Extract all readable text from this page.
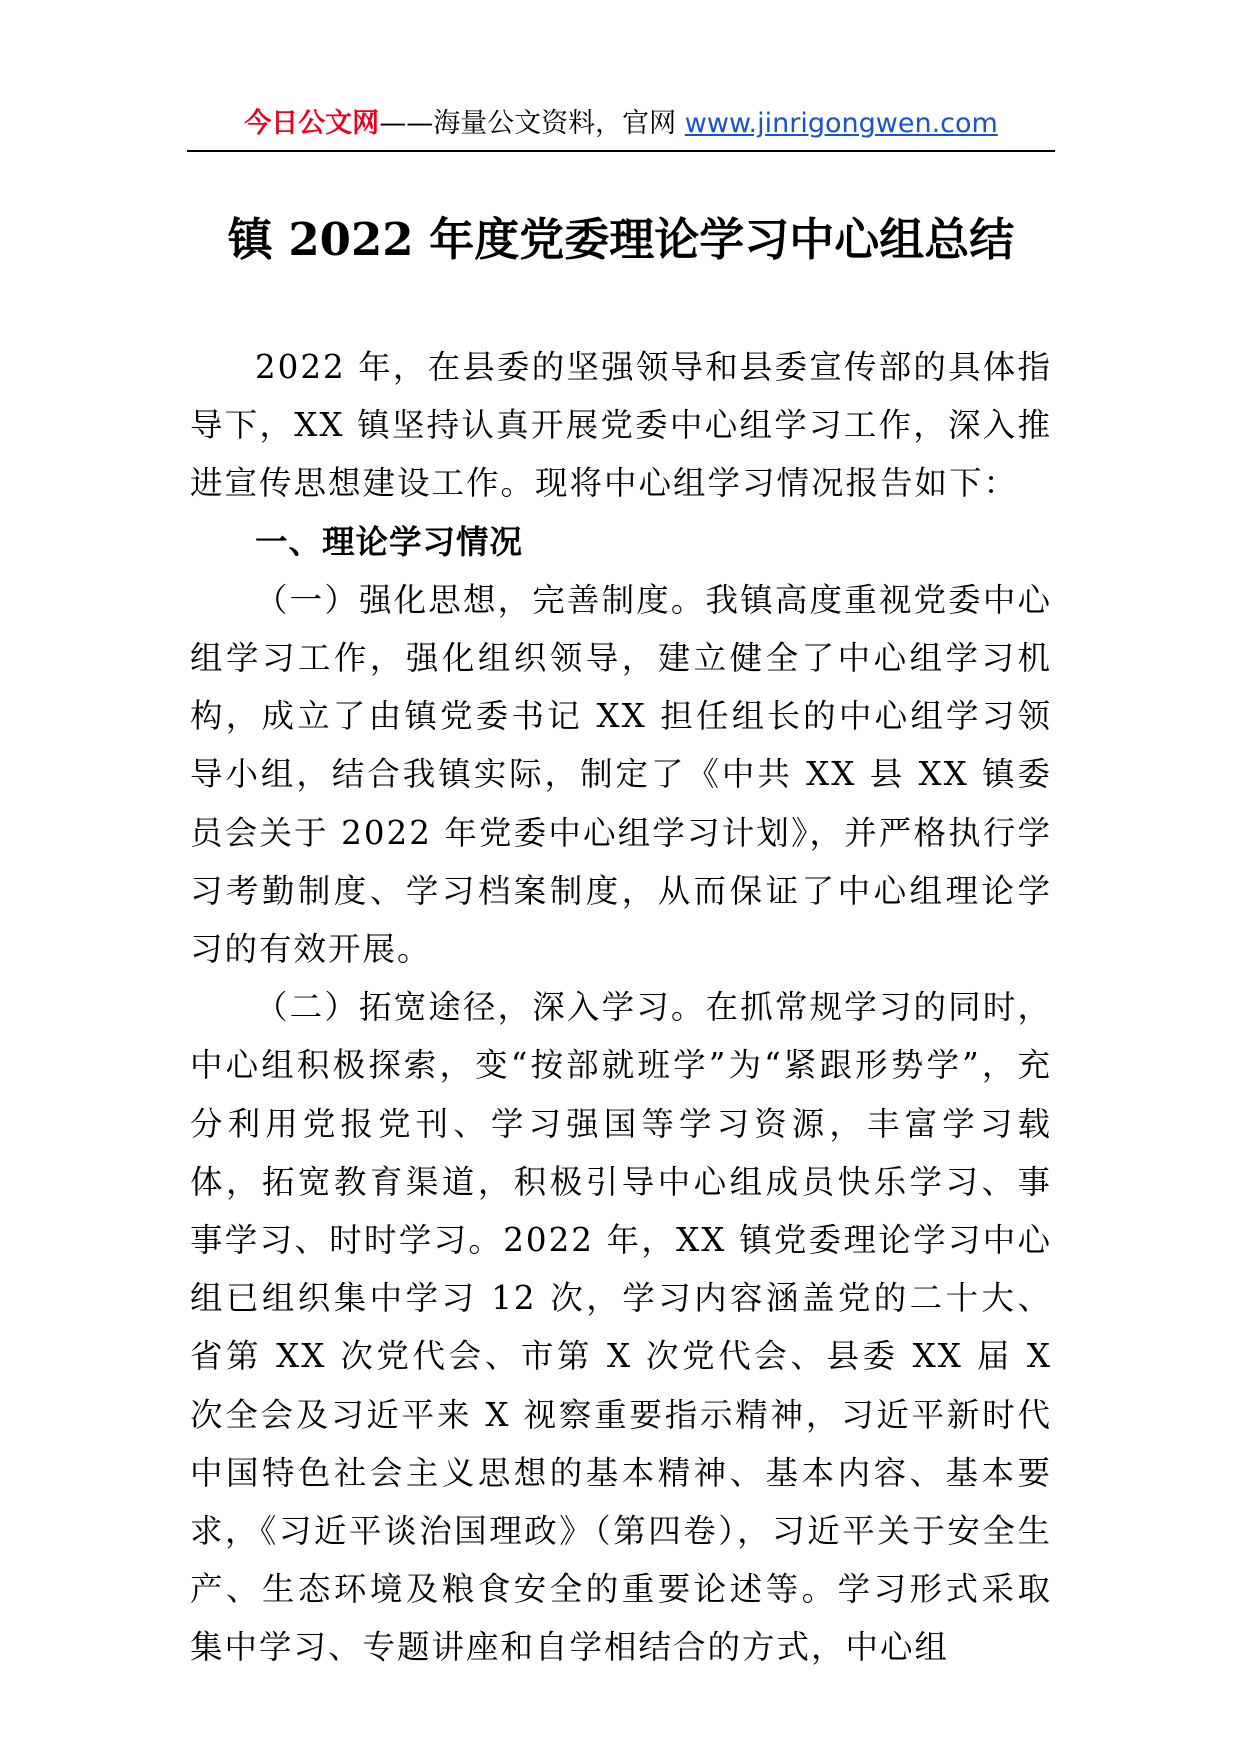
今日公文网——海量公文资料，官网 www.jinrigongwen.com
镇 2022 年度党委理论学习中心组总结

2022 年，在县委的坚强领导和县委宣传部的具体指导下，XX 镇坚持认真开展党委中心组学习工作，深入推进宣传思想建设工作。现将中心组学习情况报告如下：

一、理论学习情况

（一）强化思想，完善制度。我镇高度重视党委中心组学习工作，强化组织领导，建立健全了中心组学习机构，成立了由镇党委书记 XX 担任组长的中心组学习领导小组，结合我镇实际，制定了《中共 XX 县 XX 镇委员会关于 2022 年党委中心组学习计划》，并严格执行学习考勤制度、学习档案制度，从而保证了中心组理论学习的有效开展。

（二）拓宽途径，深入学习。在抓常规学习的同时，中心组积极探索，变“按部就班学”为“紧跟形势学”，充分利用党报党刊、学习强国等学习资源，丰富学习载体，拓宽教育渠道，积极引导中心组成员快乐学习、事事学习、时时学习。2022 年，XX 镇党委理论学习中心组已组织集中学习 12 次，学习内容涵盖党的二十大、省第 XX 次党代会、市第 X 次党代会、县委 XX 届 X 次全会及习近平来 X 视察重要指示精神，习近平新时代中国特色社会主义思想的基本精神、基本内容、基本要求，《习近平谈治国理政》（第四卷），习近平关于安全生产、生态环境及粮食安全的重要论述等。学习形式采取集中学习、专题讲座和自学相结合的方式，中心组
